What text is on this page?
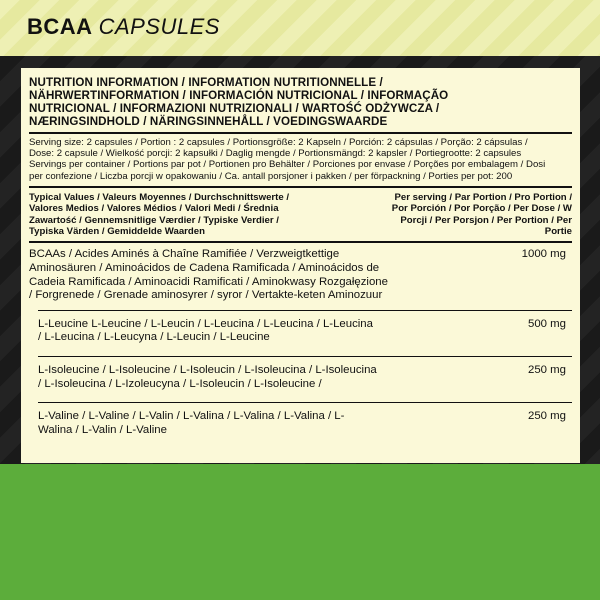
BCAA CAPSULES
NUTRITION INFORMATION / INFORMATION NUTRITIONNELLE /
NÄHRWERTINFORMATION / INFORMACIÓN NUTRICIONAL / INFORMAÇÃO
NUTRICIONAL / INFORMAZIONI NUTRIZIONALI / WARTOŚĆ ODŻYWCZA /
NÆRINGSINDHOLD / NÄRINGSINNEHÅLL / VOEDINGSWAARDE

Serving size: 2 capsules / Portion : 2 capsules / Portionsgröße: 2 Kapseln / Porción: 2 cápsulas / Porção: 2 cápsulas /

Dose: 2 capsule / Wielkość porcji: 2 kapsułki / Daglig mengde / Portionsmängd: 2 kapsler / Portiegrootte: 2 capsules

Servings per container / Portions par pot / Portionen pro Behälter / Porciones por envase / Porções por embalagem / Dosi

per confezione / Liczba porcji w opakowaniu / Ca. antall porsjoner i pakken / per förpackning / Porties per pot: 200

Typical Values / Valeurs Moyennes / Durchschnittswerte / Valores Medios / Valores Médios / Valori Medi / Średnia Zawartość / Gennemsnitlige Værdier / Typiske Verdier / Typiska Värden / Gemiddelde Waarden
Per serving / Par Portion / Pro Portion / Por Porción / Por Porção / Per Dose / W Porcji / Per Porsjon / Per Portion / Per Portie
BCAAs / Acides Aminés à Chaîne Ramifiée / Verzweigtkettige Aminosäuren / Aminoácidos de Cadena Ramificada / Aminoácidos de Cadeia Ramificada / Aminoacidi Ramificati / Aminokwasy Rozgałęzione / Forgrenede / Grenade aminosyrer / syror / Vertakte-keten Aminozuur
1000 mg
L-Leucine L-Leucine / L-Leucin / L-Leucina / L-Leucina / L-Leucina / L-Leucina / L-Leucyna / L-Leucin / L-Leucine
500 mg
L-Isoleucine / L-Isoleucine / L-Isoleucin / L-Isoleucina / L-Isoleucina / L-Isoleucina / L-Izoleucyna / L-Isoleucin / L-Isoleucine /
250 mg
L-Valine / L-Valine / L-Valin / L-Valina / L-Valina / L-Valina / L-Walina / L-Valin / L-Valine
250 mg
